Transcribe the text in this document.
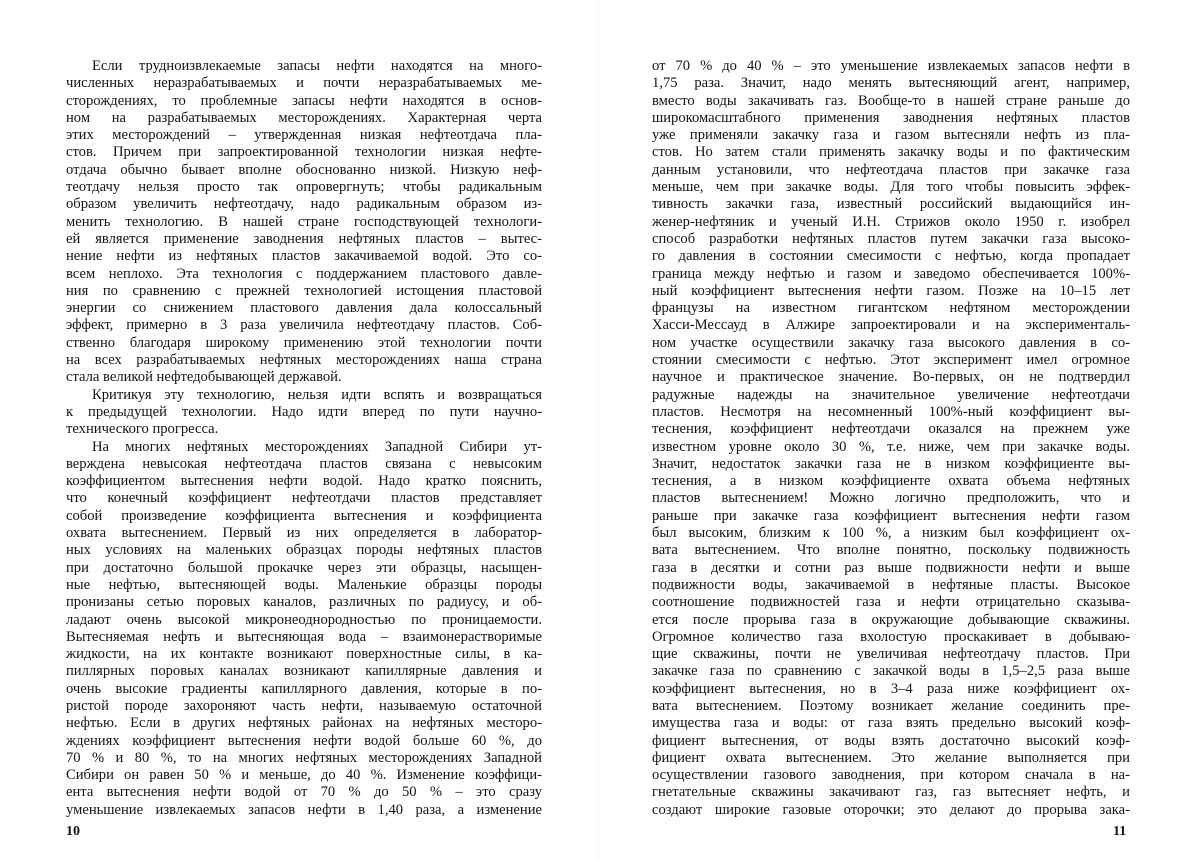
Если трудноизвлекаемые запасы нефти находятся на много-
численных неразрабатываемых и почти неразрабатываемых ме-
сторождениях, то проблемные запасы нефти находятся в основ-
ном на разрабатываемых месторождениях. Характерная черта
этих месторождений – утвержденная низкая нефтеотдача пла-
стов. Причем при запроектированной технологии низкая нефте-
отдача обычно бывает вполне обоснованно низкой. Низкую неф-
теотдачу нельзя просто так опровергнуть; чтобы радикальным
образом увеличить нефтеотдачу, надо радикальным образом из-
менить технологию. В нашей стране господствующей технологи-
ей является применение заводнения нефтяных пластов – вытес-
нение нефти из нефтяных пластов закачиваемой водой. Это со-
всем неплохо. Эта технология с поддержанием пластового давле-
ния по сравнению с прежней технологией истощения пластовой
энергии со снижением пластового давления дала колоссальный
эффект, примерно в 3 раза увеличила нефтеотдачу пластов. Соб-
ственно благодаря широкому применению этой технологии почти
на всех разрабатываемых нефтяных месторождениях наша страна
стала великой нефтедобывающей державой.
Критикуя эту технологию, нельзя идти вспять и возвращаться
к предыдущей технологии. Надо идти вперед по пути научно-
технического прогресса.
На многих нефтяных месторождениях Западной Сибири ут-
верждена невысокая нефтеотдача пластов связана с невысоким
коэффициентом вытеснения нефти водой. Надо кратко пояснить,
что конечный коэффициент нефтеотдачи пластов представляет
собой произведение коэффициента вытеснения и коэффициента
охвата вытеснением. Первый из них определяется в лаборатор-
ных условиях на маленьких образцах породы нефтяных пластов
при достаточно большой прокачке через эти образцы, насыщен-
ные нефтью, вытесняющей воды. Маленькие образцы породы
пронизаны сетью поровых каналов, различных по радиусу, и об-
ладают очень высокой микронеоднородностью по проницаемости.
Вытесняемая нефть и вытесняющая вода – взаимонерастворимые
жидкости, на их контакте возникают поверхностные силы, в ка-
пиллярных поровых каналах возникают капиллярные давления и
очень высокие градиенты капиллярного давления, которые в по-
ристой породе захороняют часть нефти, называемую остаточной
нефтью. Если в других нефтяных районах на нефтяных месторо-
ждениях коэффициент вытеснения нефти водой больше 60 %, до
70 % и 80 %, то на многих нефтяных месторождениях Западной
Сибири он равен 50 % и меньше, до 40 %. Изменение коэффици-
ента вытеснения нефти водой от 70 % до 50 % – это сразу
уменьшение извлекаемых запасов нефти в 1,40 раза, а изменение
от 70 % до 40 % – это уменьшение извлекаемых запасов нефти в
1,75 раза. Значит, надо менять вытесняющий агент, например,
вместо воды закачивать газ. Вообще-то в нашей стране раньше до
широкомасштабного применения заводнения нефтяных пластов
уже применяли закачку газа и газом вытесняли нефть из пла-
стов. Но затем стали применять закачку воды и по фактическим
данным установили, что нефтеотдача пластов при закачке газа
меньше, чем при закачке воды. Для того чтобы повысить эффек-
тивность закачки газа, известный российский выдающийся ин-
женер-нефтяник и ученый И.Н. Стрижов около 1950 г. изобрел
способ разработки нефтяных пластов путем закачки газа высоко-
го давления в состоянии смесимости с нефтью, когда пропадает
граница между нефтью и газом и заведомо обеспечивается 100%-
ный коэффициент вытеснения нефти газом. Позже на 10–15 лет
французы на известном гигантском нефтяном месторождении
Хасси-Мессауд в Алжире запроектировали и на эксперименталь-
ном участке осуществили закачку газа высокого давления в со-
стоянии смесимости с нефтью. Этот эксперимент имел огромное
научное и практическое значение. Во-первых, он не подтвердил
радужные надежды на значительное увеличение нефтеотдачи
пластов. Несмотря на несомненный 100%-ный коэффициент вы-
теснения, коэффициент нефтеотдачи оказался на прежнем уже
известном уровне около 30 %, т.е. ниже, чем при закачке воды.
Значит, недостаток закачки газа не в низком коэффициенте вы-
теснения, а в низком коэффициенте охвата объема нефтяных
пластов вытеснением! Можно логично предположить, что и
раньше при закачке газа коэффициент вытеснения нефти газом
был высоким, близким к 100 %, а низким был коэффициент ох-
вата вытеснением. Что вполне понятно, поскольку подвижность
газа в десятки и сотни раз выше подвижности нефти и выше
подвижности воды, закачиваемой в нефтяные пласты. Высокое
соотношение подвижностей газа и нефти отрицательно сказыва-
ется после прорыва газа в окружающие добывающие скважины.
Огромное количество газа вхолостую проскакивает в добываю-
щие скважины, почти не увеличивая нефтеотдачу пластов. При
закачке газа по сравнению с закачкой воды в 1,5–2,5 раза выше
коэффициент вытеснения, но в 3–4 раза ниже коэффициент ох-
вата вытеснением. Поэтому возникает желание соединить пре-
имущества газа и воды: от газа взять предельно высокий коэф-
фициент вытеснения, от воды взять достаточно высокий коэф-
фициент охвата вытеснением. Это желание выполняется при
осуществлении газового заводнения, при котором сначала в на-
гнетательные скважины закачивают газ, газ вытесняет нефть, и
создают широкие газовые оторочки; это делают до прорыва зака-
10	11
